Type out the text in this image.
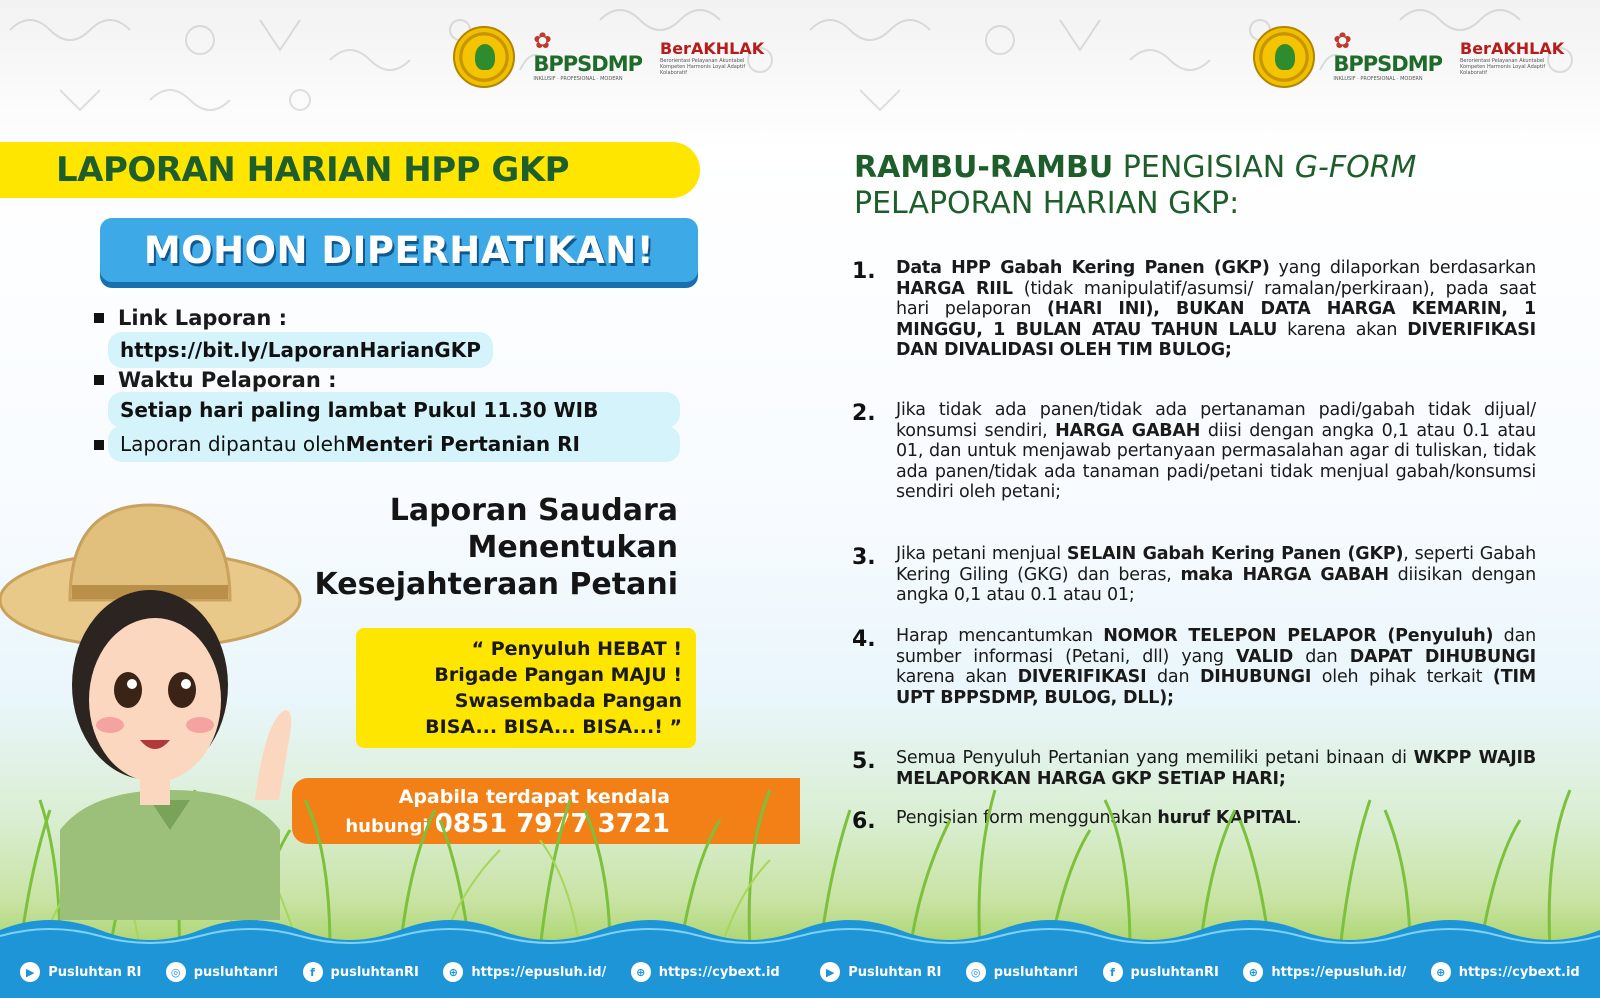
✿
BPPSDMP
INKLUSIF · PROFESIONAL · MODERN
BerAKHLAK
Berorientasi Pelayanan Akuntabel Kompeten Harmonis Loyal Adaptif Kolaboratif
LAPORAN HARIAN HPP GKP
MOHON DIPERHATIKAN!
Link Laporan :
https://bit.ly/ LaporanHarianGKP
Waktu Pelaporan :
Setiap hari paling lambat Pukul 11.30 WIB
Laporan dipantau oleh Menteri Pertanian RI
Laporan Saudara
Menentukan
Kesejahteraan Petani
“ Penyuluh HEBAT !
Brigade Pangan MAJU !
Swasembada Pangan
BISA... BISA... BISA...! ”
Apabila terdapat kendala
hubungi 0851 7977 3721
▶	Pusluhtan RI	◎	pusluhtanri	f	pusluhtanRI	⊕	https://epusluh.id/	⊕	https://cybext.id
✿
BPPSDMP
INKLUSIF · PROFESIONAL · MODERN
BerAKHLAK
Berorientasi Pelayanan Akuntabel Kompeten Harmonis Loyal Adaptif Kolaboratif
RAMBU-RAMBU PENGISIAN G-FORM
PELAPORAN HARIAN GKP:
1.	Data HPP Gabah Kering Panen (GKP) yang dilaporkan berdasarkan HARGA RIIL (tidak manipulatif/asumsi/ ramalan/perkiraan), pada saat hari pelaporan (HARI INI), BUKAN DATA HARGA KEMARIN, 1 MINGGU, 1 BULAN ATAU TAHUN LALU karena akan DIVERIFIKASI DAN DIVALIDASI OLEH TIM BULOG;
2.	Jika tidak ada panen/tidak ada pertanaman padi/gabah tidak dijual/ konsumsi sendiri, HARGA GABAH diisi dengan angka 0,1 atau 0.1 atau 01, dan untuk menjawab pertanyaan permasalahan agar di tuliskan, tidak ada panen/tidak ada tanaman padi/petani tidak menjual gabah/konsumsi sendiri oleh petani;
3.	Jika petani menjual SELAIN Gabah Kering Panen (GKP), seperti Gabah Kering Giling (GKG) dan beras, maka HARGA GABAH diisikan dengan angka 0,1 atau 0.1 atau 01;
4.	Harap mencantumkan NOMOR TELEPON PELAPOR (Penyuluh) dan sumber informasi (Petani, dll) yang VALID dan DAPAT DIHUBUNGI karena akan DIVERIFIKASI dan DIHUBUNGI oleh pihak terkait (TIM UPT BPPSDMP, BULOG, DLL);
5.	Semua Penyuluh Pertanian yang memiliki petani binaan di WKPP WAJIB MELAPORKAN HARGA GKP SETIAP HARI;
6.	Pengisian form menggunakan huruf KAPITAL.
▶	Pusluhtan RI	◎	pusluhtanri	f	pusluhtanRI	⊕	https://epusluh.id/	⊕	https://cybext.id
